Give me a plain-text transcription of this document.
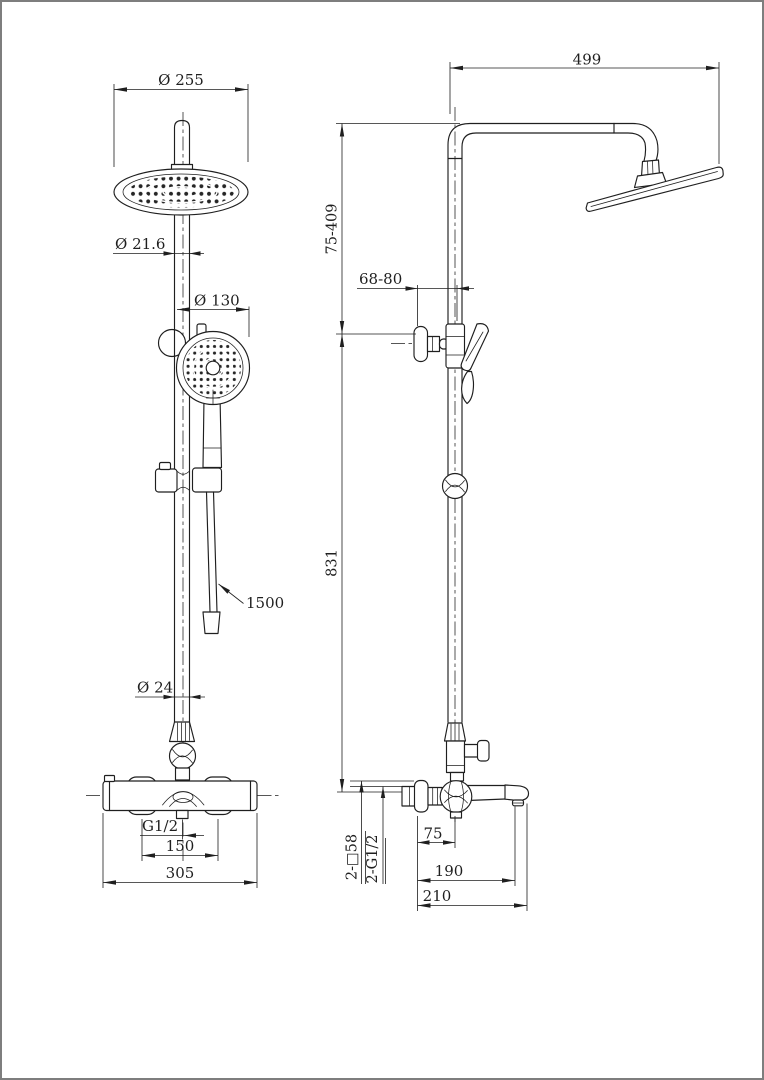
Ø 255
Ø 21.6
Ø 130
1500
Ø 24
G1/2
150
305
499
75-409
831
68-80
75
190
210
2-□58 2-G1/2
